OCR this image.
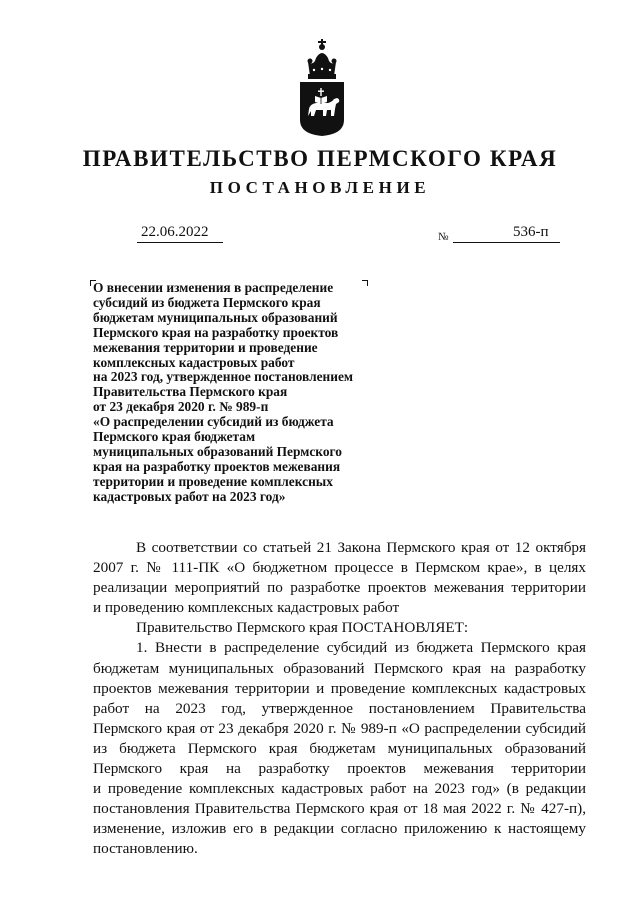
ПРАВИТЕЛЬСТВО ПЕРМСКОГО КРАЯ
ПОСТАНОВЛЕНИЕ
22.06.2022	№	536-п
О внесении изменения в распределение
субсидий из бюджета Пермского края
бюджетам муниципальных образований
Пермского края на разработку проектов
межевания территории и проведение
комплексных кадастровых работ
на 2023 год, утвержденное постановлением
Правительства Пермского края
от 23 декабря 2020 г. № 989-п
«О распределении субсидий из бюджета
Пермского края бюджетам
муниципальных образований Пермского
края на разработку проектов межевания
территории и проведение комплексных
кадастровых работ на 2023 год»
В соответствии со статьей 21 Закона Пермского края от 12 октября
2007 г. № 111-ПК «О бюджетном процессе в Пермском крае», в целях
реализации мероприятий по разработке проектов межевания территории
и проведению комплексных кадастровых работ
Правительство Пермского края ПОСТАНОВЛЯЕТ:
1. Внести в распределение субсидий из бюджета Пермского края
бюджетам муниципальных образований Пермского края на разработку
проектов межевания территории и проведение комплексных кадастровых
работ на 2023 год, утвержденное постановлением Правительства
Пермского края от 23 декабря 2020 г. № 989-п «О распределении субсидий
из бюджета Пермского края бюджетам муниципальных образований
Пермского края на разработку проектов межевания территории
и проведение комплексных кадастровых работ на 2023 год» (в редакции
постановления Правительства Пермского края от 18 мая 2022 г. № 427-п),
изменение, изложив его в редакции согласно приложению к настоящему
постановлению.
